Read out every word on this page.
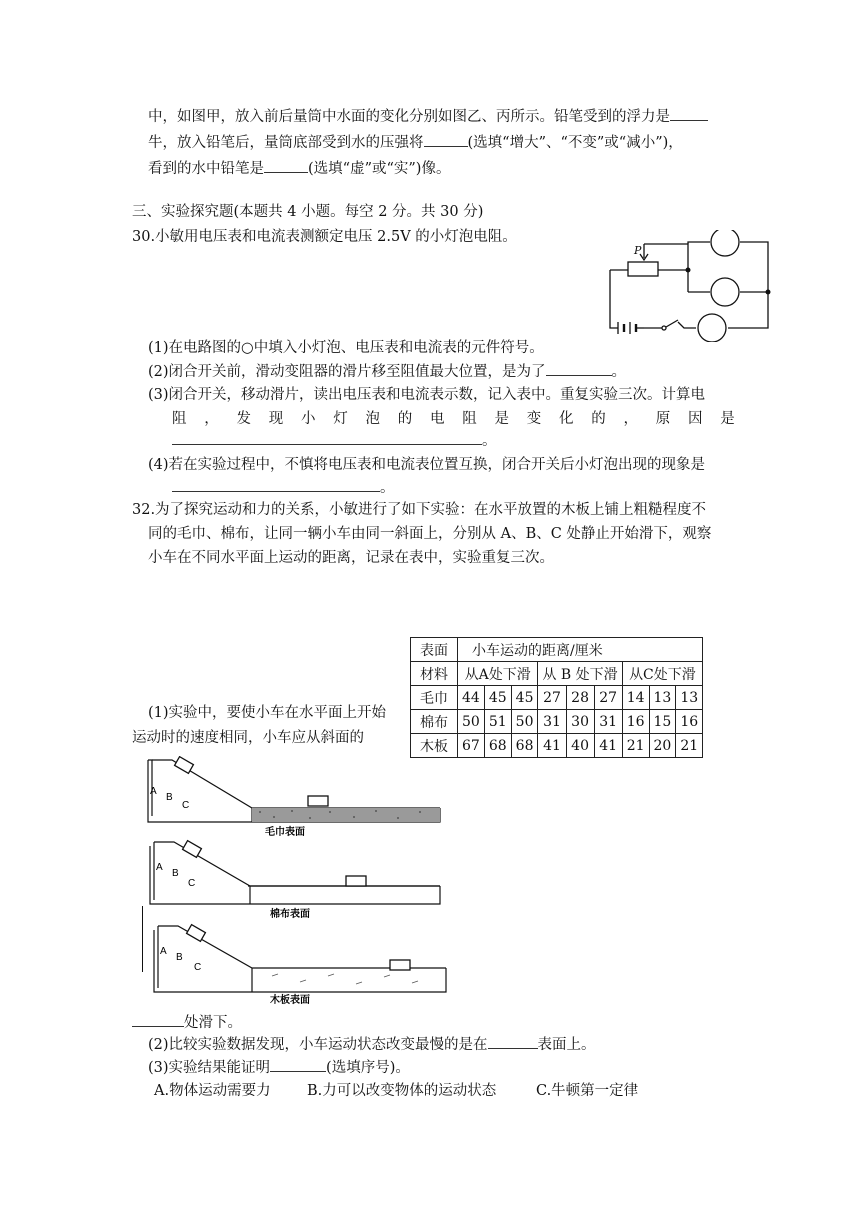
中，如图甲，放入前后量筒中水面的变化分别如图乙、丙所示。铅笔受到的浮力是
牛，放入铅笔后，量筒底部受到水的压强将	(选填“增大”、“不变”或“减小”)，
看到的水中铅笔是	(选填“虚”或“实”)像。
三、实验探究题(本题共 4 小题。每空 2 分。共 30 分)
30.小敏用电压表和电流表测额定电压 2.5V 的小灯泡电阻。
P
(1)在电路图的○中填入小灯泡、电压表和电流表的元件符号。
(2)闭合开关前，滑动变阻器的滑片移至阻值最大位置，是为了	。
(3)闭合开关，移动滑片，读出电压表和电流表示数，记入表中。重复实验三次。计算电
阻 ， 发 现 小 灯 泡 的 电 阻 是 变 化 的 ， 原 因 是
。
(4)若在实验过程中，不慎将电压表和电流表位置互换，闭合开关后小灯泡出现的现象是
。
32.为了探究运动和力的关系，小敏进行了如下实验：在水平放置的木板上铺上粗糙程度不
同的毛巾、棉布，让同一辆小车由同一斜面上，分别从 A、B、C 处静止开始滑下，观察
小车在不同水平面上运动的距离，记录在表中，实验重复三次。
表面	小车运动的距离/厘米								
材料	从A处下滑			从 B 处下滑			从C处下滑		
毛巾	44	45	45	27	28	27	14	13	13
棉布	50	51	50	31	30	31	16	15	16
木板	67	68	68	41	40	41	21	20	21
(1)实验中，要使小车在水平面上开始
运动时的速度相同，小车应从斜面的
A
B
C
毛巾表面
A
B
C
棉布表面
A
B
C
木板表面
处滑下。
(2)比较实验数据发现，小车运动状态改变最慢的是在	表面上。
(3)实验结果能证明	(选填序号)。
A.物体运动需要力	B.力可以改变物体的运动状态	C.牛顿第一定律
